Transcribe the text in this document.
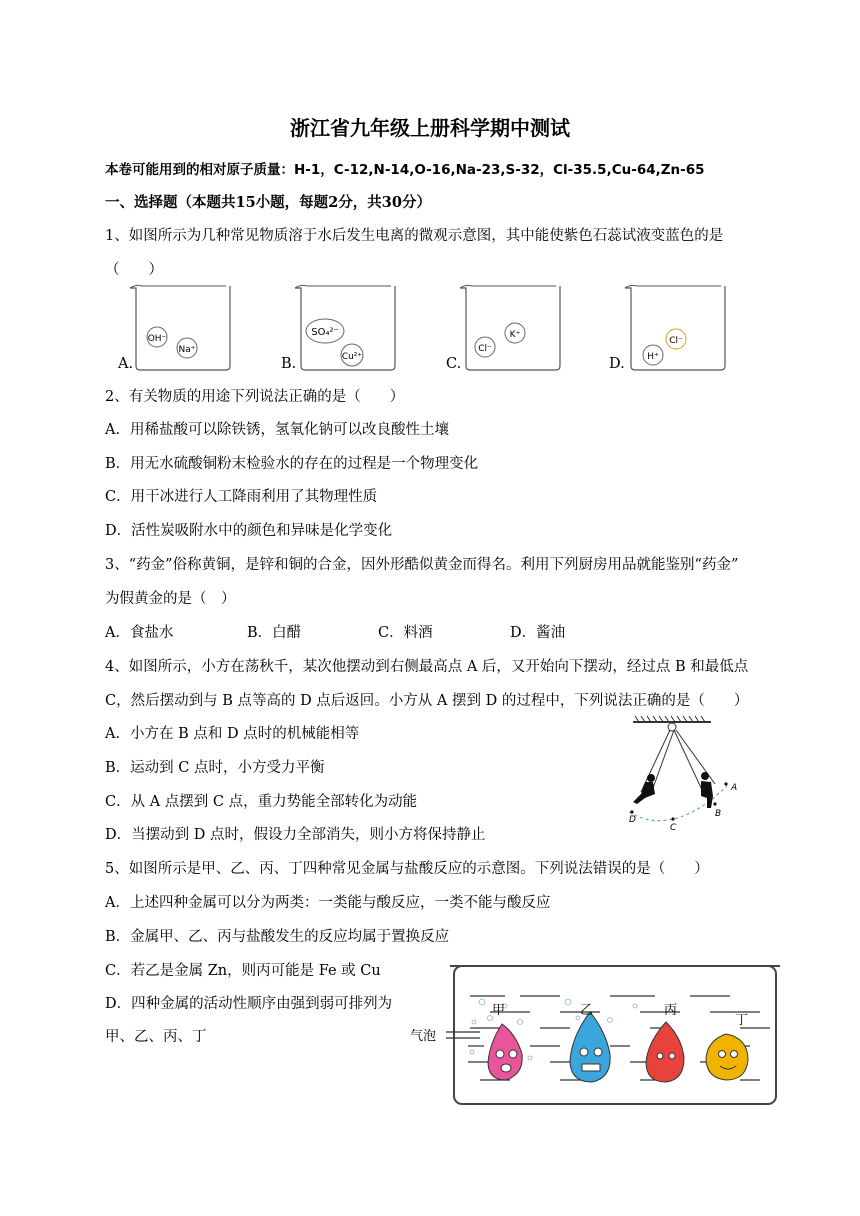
浙江省九年级上册科学期中测试
本卷可能用到的相对原子质量：H-1，C-12,N-14,O-16,Na-23,S-32，Cl-35.5,Cu-64,Zn-65
一、选择题（本题共15小题，每题2分，共30分）
1、如图所示为几种常见物质溶于水后发生电离的微观示意图，其中能使紫色石蕊试液变蓝色的是
（　　）
OH⁻
Na⁺
SO₄²⁻
Cu²⁺
Cl⁻
K⁺
Cl⁻
H⁺
A.	B.	C.	D.
2、有关物质的用途下列说法正确的是（　　）
A．用稀盐酸可以除铁锈，氢氧化钠可以改良酸性土壤
B．用无水硫酸铜粉末检验水的存在的过程是一个物理变化
C．用干冰进行人工降雨利用了其物理性质
D．活性炭吸附水中的颜色和异味是化学变化
3、“药金”俗称黄铜，是锌和铜的合金，因外形酷似黄金而得名。利用下列厨房用品就能鉴别“药金”
为假黄金的是（　）
A．食盐水	B．白醋	C．料酒	D．酱油
4、如图所示，小方在荡秋千，某次他摆动到右侧最高点 A 后，又开始向下摆动，经过点 B 和最低点
C，然后摆动到与 B 点等高的 D 点后返回。小方从 A 摆到 D 的过程中，下列说法正确的是（　　）
A．小方在 B 点和 D 点时的机械能相等
B．运动到 C 点时，小方受力平衡
C．从 A 点摆到 C 点，重力势能全部转化为动能
D．当摆动到 D 点时，假设力全部消失，则小方将保持静止
A
B
C
D
5、如图所示是甲、乙、丙、丁四种常见金属与盐酸反应的示意图。下列说法错误的是（　　）
A．上述四种金属可以分为两类：一类能与酸反应，一类不能与酸反应
B．金属甲、乙、丙与盐酸发生的反应均属于置换反应
C．若乙是金属 Zn，则丙可能是 Fe 或 Cu
D．四种金属的活动性顺序由强到弱可排列为
甲、乙、丙、丁
甲	乙	丙
丁
气泡
